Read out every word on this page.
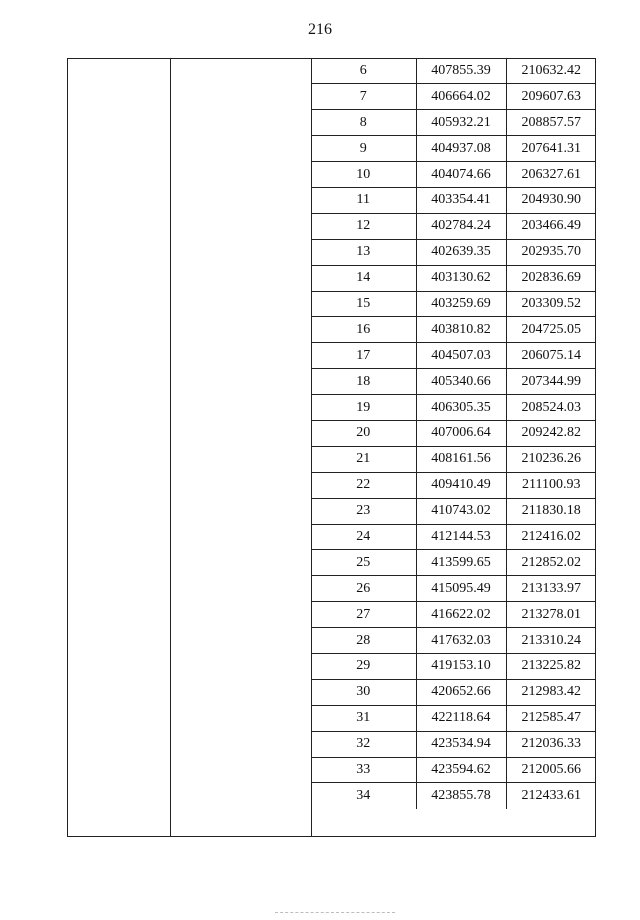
216
6	407855.39	210632.42
7	406664.02	209607.63
8	405932.21	208857.57
9	404937.08	207641.31
10	404074.66	206327.61
11	403354.41	204930.90
12	402784.24	203466.49
13	402639.35	202935.70
14	403130.62	202836.69
15	403259.69	203309.52
16	403810.82	204725.05
17	404507.03	206075.14
18	405340.66	207344.99
19	406305.35	208524.03
20	407006.64	209242.82
21	408161.56	210236.26
22	409410.49	211100.93
23	410743.02	211830.18
24	412144.53	212416.02
25	413599.65	212852.02
26	415095.49	213133.97
27	416622.02	213278.01
28	417632.03	213310.24
29	419153.10	213225.82
30	420652.66	212983.42
31	422118.64	212585.47
32	423534.94	212036.33
33	423594.62	212005.66
34	423855.78	212433.61
